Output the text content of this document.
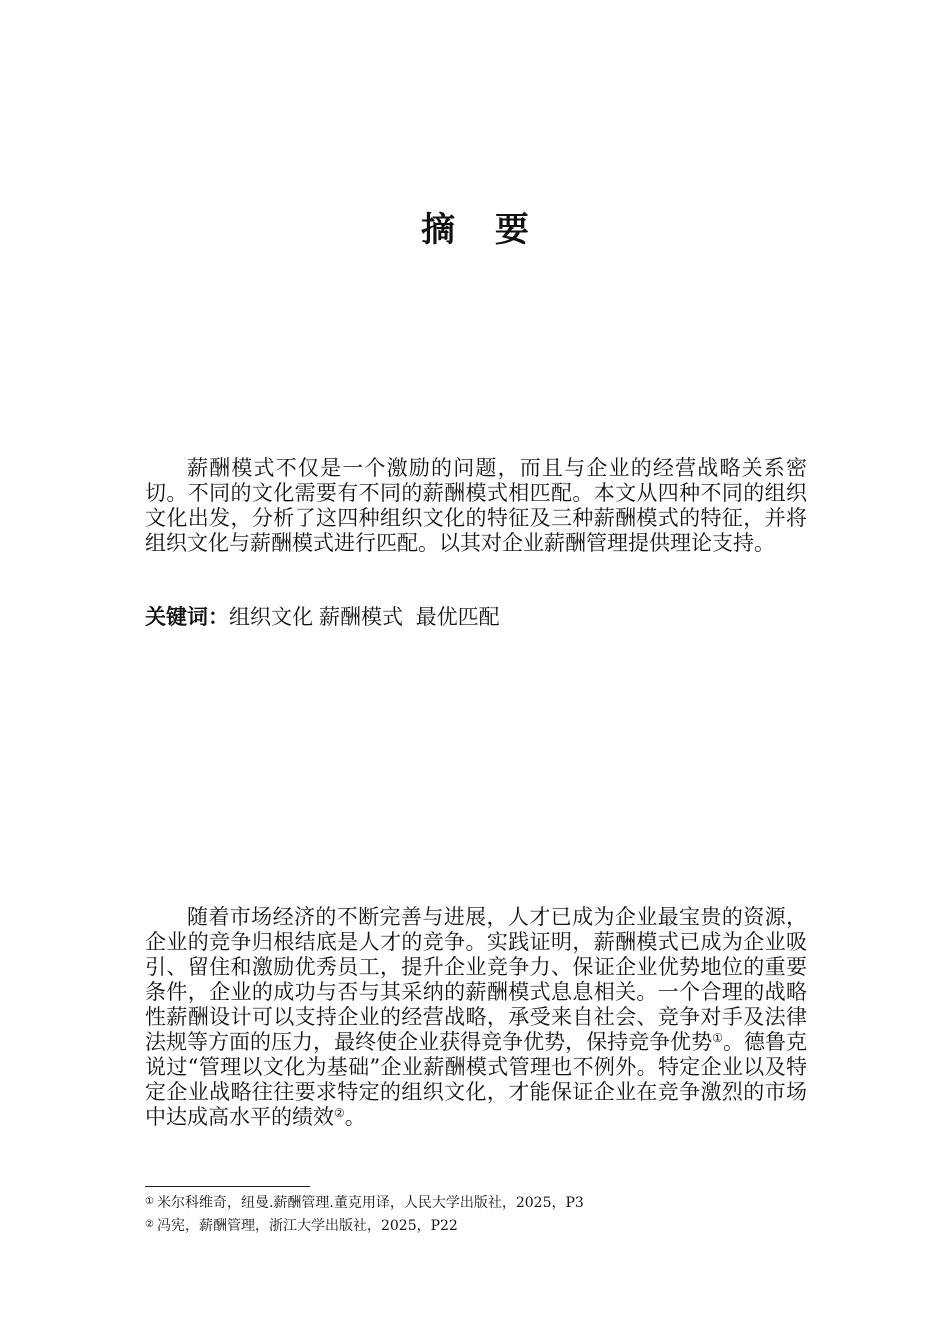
摘 要

薪酬模式不仅是一个激励的问题，而且与企业的经营战略关系密切。不同的文化需要有不同的薪酬模式相匹配。本文从四种不同的组织文化出发，分析了这四种组织文化的特征及三种薪酬模式的特征，并将组织文化与薪酬模式进行匹配。以其对企业薪酬管理提供理论支持。

关键词：组织文化 薪酬模式 最优匹配

随着市场经济的不断完善与进展，人才已成为企业最宝贵的资源，企业的竞争归根结底是人才的竞争。实践证明，薪酬模式已成为企业吸引、留住和激励优秀员工，提升企业竞争力、保证企业优势地位的重要条件，企业的成功与否与其采纳的薪酬模式息息相关。一个合理的战略性薪酬设计可以支持企业的经营战略，承受来自社会、竞争对手及法律法规等方面的压力，最终使企业获得竞争优势，保持竞争优势①。德鲁克说过“管理以文化为基础”企业薪酬模式管理也不例外。特定企业以及特定企业战略往往要求特定的组织文化，才能保证企业在竞争激烈的市场中达成高水平的绩效②。

① 米尔科维奇，纽曼.薪酬管理.董克用译，人民大学出版社，2025，P3
② 冯宪，薪酬管理，浙江大学出版社，2025，P22
